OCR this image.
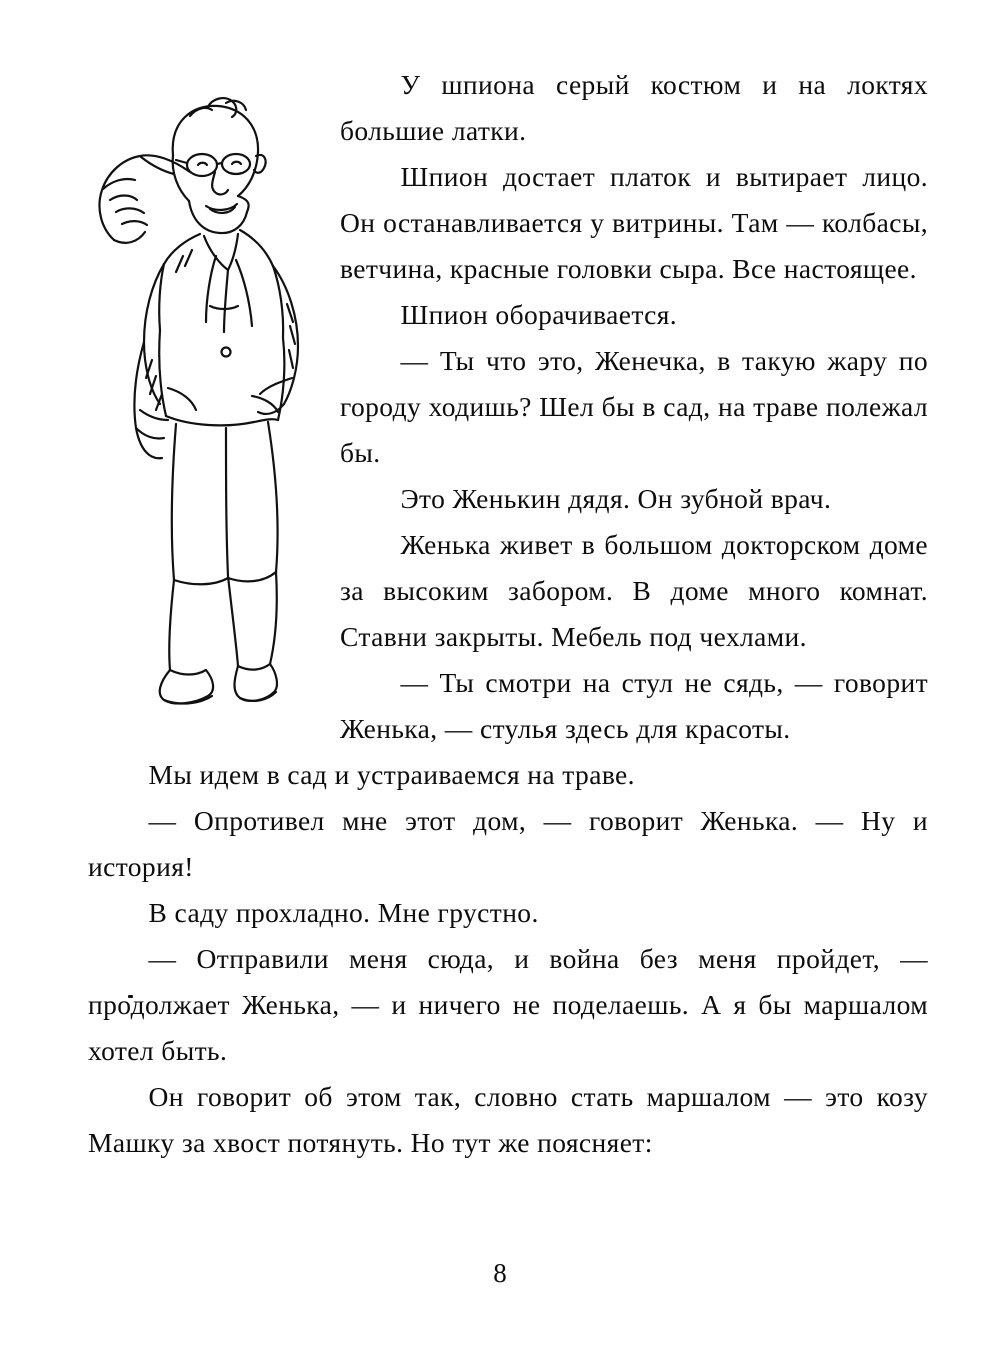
У шпиона серый костюм и на локтях большие латки.

Шпион достает платок и вытирает лицо. Он останавливается у витрины. Там — колбасы, ветчина, красные головки сыра. Все настоящее.

Шпион оборачивается.

— Ты что это, Женечка, в такую жару по городу ходишь? Шел бы в сад, на траве полежал бы.

Это Женькин дядя. Он зубной врач.

Женька живет в большом докторском доме за высоким забором. В доме много комнат. Ставни закрыты. Мебель под чехлами.

— Ты смотри на стул не сядь, — говорит Женька, — стулья здесь для красоты.

Мы идем в сад и устраиваемся на траве.

— Опротивел мне этот дом, — говорит Женька. — Ну и история!

В саду прохладно. Мне грустно.

— Отправили меня сюда, и война без меня пройдет, — продолжает Женька, — и ничего не поделаешь. А я бы маршалом хотел быть.

Он говорит об этом так, словно стать маршалом — это козу Машку за хвост потянуть. Но тут же поясняет:

8
